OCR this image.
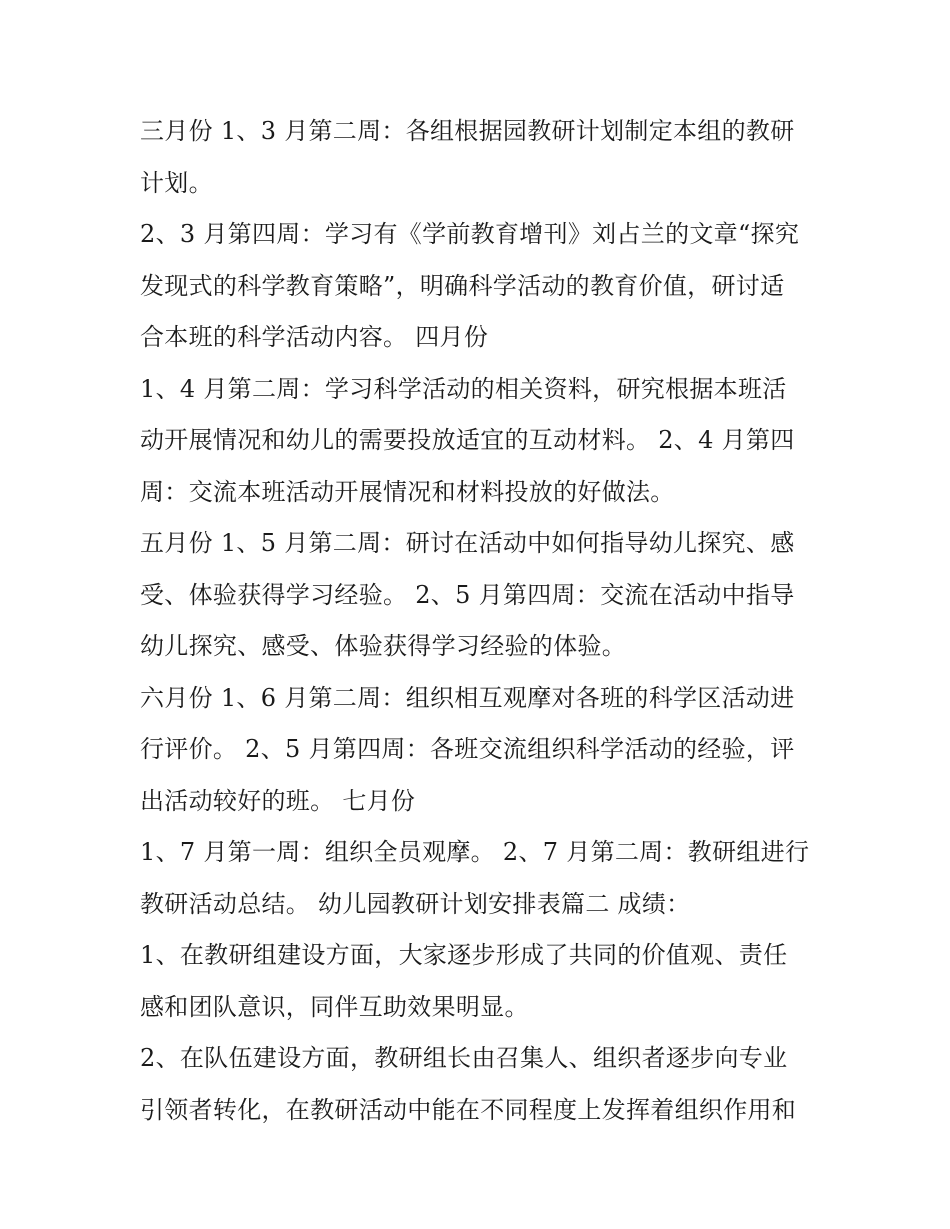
三月份 1、3 月第二周：各组根据园教研计划制定本组的教研
计划。

2、3 月第四周：学习有《学前教育增刊》刘占兰的文章“探究
发现式的科学教育策略”，明确科学活动的教育价值，研讨适
合本班的科学活动内容。 四月份

1、4 月第二周：学习科学活动的相关资料，研究根据本班活
动开展情况和幼儿的需要投放适宜的互动材料。 2、4 月第四
周：交流本班活动开展情况和材料投放的好做法。

五月份 1、5 月第二周：研讨在活动中如何指导幼儿探究、感
受、体验获得学习经验。 2、5 月第四周：交流在活动中指导
幼儿探究、感受、体验获得学习经验的体验。

六月份 1、6 月第二周：组织相互观摩对各班的科学区活动进
行评价。 2、5 月第四周：各班交流组织科学活动的经验，评
出活动较好的班。 七月份

1、7 月第一周：组织全员观摩。 2、7 月第二周：教研组进行
教研活动总结。 幼儿园教研计划安排表篇二 成绩：

1、在教研组建设方面，大家逐步形成了共同的价值观、责任
感和团队意识，同伴互助效果明显。

2、在队伍建设方面，教研组长由召集人、组织者逐步向专业
引领者转化，在教研活动中能在不同程度上发挥着组织作用和
